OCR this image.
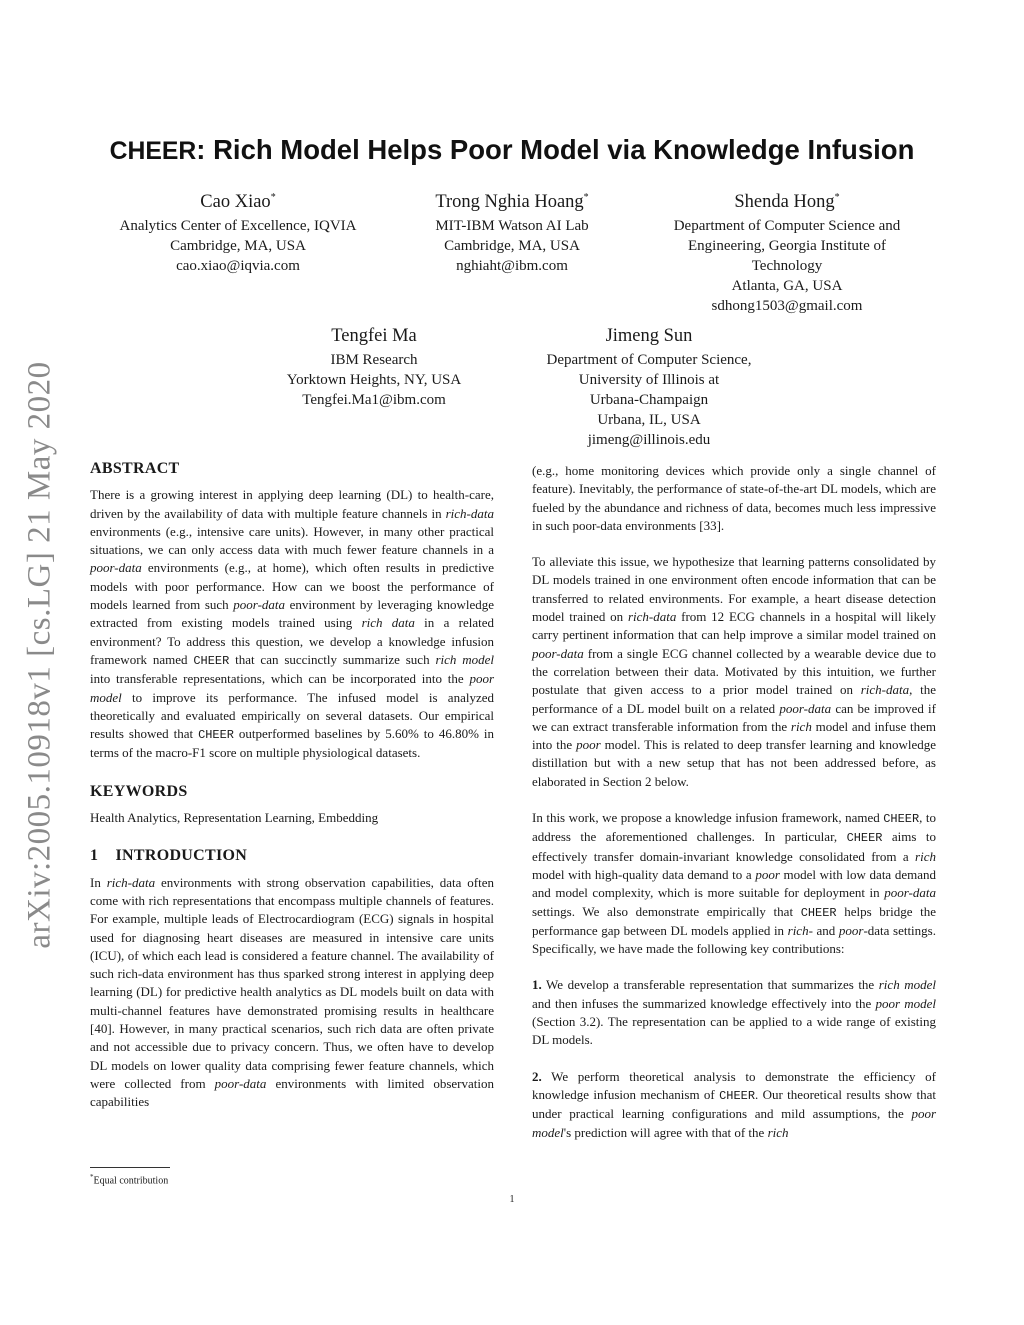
arXiv:2005.10918v1 [cs.LG] 21 May 2020
CHEER: Rich Model Helps Poor Model via Knowledge Infusion
Cao Xiao*
Analytics Center of Excellence, IQVIA
Cambridge, MA, USA
cao.xiao@iqvia.com
Trong Nghia Hoang*
MIT-IBM Watson AI Lab
Cambridge, MA, USA
nghiaht@ibm.com
Shenda Hong*
Department of Computer Science and
Engineering, Georgia Institute of
Technology
Atlanta, GA, USA
sdhong1503@gmail.com
Tengfei Ma
IBM Research
Yorktown Heights, NY, USA
Tengfei.Ma1@ibm.com
Jimeng Sun
Department of Computer Science,
University of Illinois at
Urbana-Champaign
Urbana, IL, USA
jimeng@illinois.edu
ABSTRACT

There is a growing interest in applying deep learning (DL) to health-care, driven by the availability of data with multiple feature channels in rich-data environments (e.g., intensive care units). However, in many other practical situations, we can only access data with much fewer feature channels in a poor-data environments (e.g., at home), which often results in predictive models with poor performance. How can we boost the performance of models learned from such poor-data environment by leveraging knowledge extracted from existing models trained using rich data in a related environment? To address this question, we develop a knowledge infusion framework named CHEER that can succinctly summarize such rich model into transferable representations, which can be incorporated into the poor model to improve its performance. The infused model is analyzed theoretically and evaluated empirically on several datasets. Our empirical results showed that CHEER outperformed baselines by 5.60% to 46.80% in terms of the macro-F1 score on multiple physiological datasets.

KEYWORDS

Health Analytics, Representation Learning, Embedding

1    INTRODUCTION

In rich-data environments with strong observation capabilities, data often come with rich representations that encompass multiple channels of features. For example, multiple leads of Electrocardiogram (ECG) signals in hospital used for diagnosing heart diseases are measured in intensive care units (ICU), of which each lead is considered a feature channel. The availability of such rich-data environment has thus sparked strong interest in applying deep learning (DL) for predictive health analytics as DL models built on data with multi-channel features have demonstrated promising results in healthcare [40]. However, in many practical scenarios, such rich data are often private and not accessible due to privacy concern. Thus, we often have to develop DL models on lower quality data comprising fewer feature channels, which were collected from poor-data environments with limited observation capabilities

(e.g., home monitoring devices which provide only a single channel of feature). Inevitably, the performance of state-of-the-art DL models, which are fueled by the abundance and richness of data, becomes much less impressive in such poor-data environments [33].

To alleviate this issue, we hypothesize that learning patterns consolidated by DL models trained in one environment often encode information that can be transferred to related environments. For example, a heart disease detection model trained on rich-data from 12 ECG channels in a hospital will likely carry pertinent information that can help improve a similar model trained on poor-data from a single ECG channel collected by a wearable device due to the correlation between their data. Motivated by this intuition, we further postulate that given access to a prior model trained on rich-data, the performance of a DL model built on a related poor-data can be improved if we can extract transferable information from the rich model and infuse them into the poor model. This is related to deep transfer learning and knowledge distillation but with a new setup that has not been addressed before, as elaborated in Section 2 below.

In this work, we propose a knowledge infusion framework, named CHEER, to address the aforementioned challenges. In particular, CHEER aims to effectively transfer domain-invariant knowledge consolidated from a rich model with high-quality data demand to a poor model with low data demand and model complexity, which is more suitable for deployment in poor-data settings. We also demonstrate empirically that CHEER helps bridge the performance gap between DL models applied in rich- and poor-data settings. Specifically, we have made the following key contributions:

1. We develop a transferable representation that summarizes the rich model and then infuses the summarized knowledge effectively into the poor model (Section 3.2). The representation can be applied to a wide range of existing DL models.

2. We perform theoretical analysis to demonstrate the efficiency of knowledge infusion mechanism of CHEER. Our theoretical results show that under practical learning configurations and mild assumptions, the poor model's prediction will agree with that of the rich

*Equal contribution
1
